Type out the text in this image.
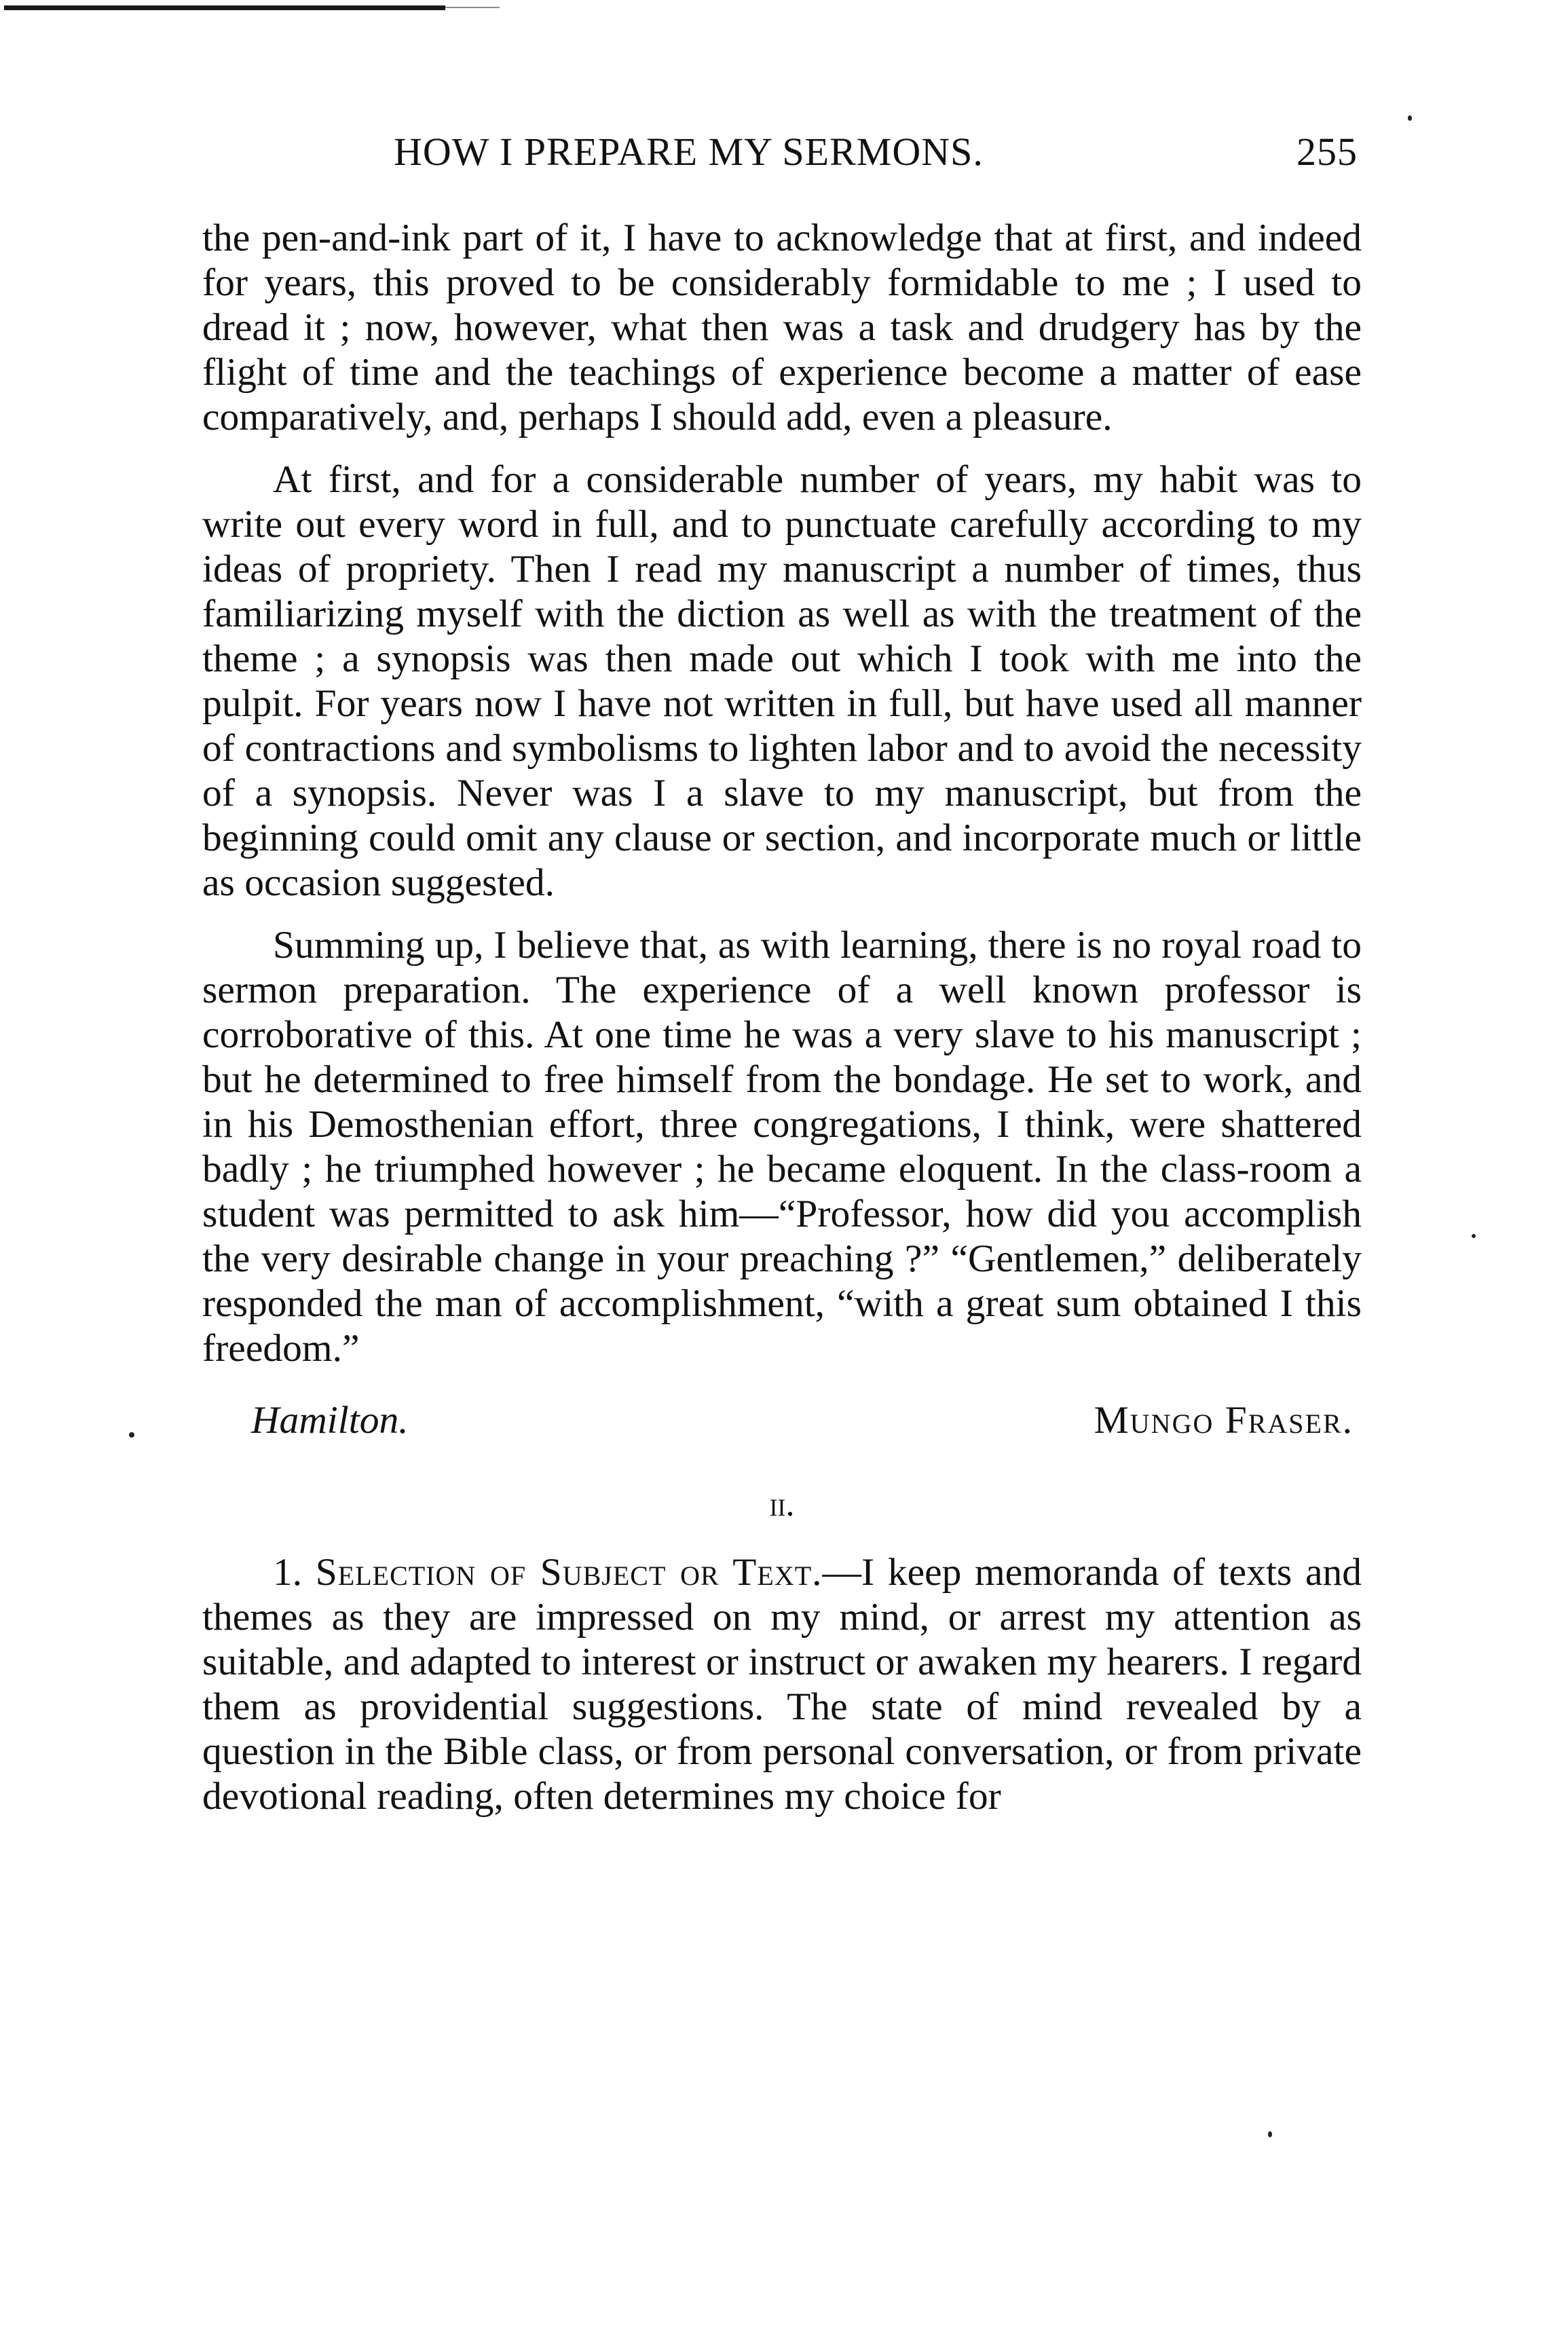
HOW I PREPARE MY SERMONS.	255

the pen-and-ink part of it, I have to acknowledge that at first, and indeed for years, this proved to be considerably formidable to me ; I used to dread it ; now, however, what then was a task and drudgery has by the flight of time and the teachings of experience become a matter of ease comparatively, and, perhaps I should add, even a pleasure.

At first, and for a considerable number of years, my habit was to write out every word in full, and to punctuate carefully according to my ideas of propriety. Then I read my manuscript a number of times, thus familiarizing myself with the diction as well as with the treatment of the theme ; a synopsis was then made out which I took with me into the pulpit. For years now I have not written in full, but have used all manner of contractions and symbolisms to lighten labor and to avoid the necessity of a synopsis. Never was I a slave to my manuscript, but from the beginning could omit any clause or section, and incorporate much or little as occasion suggested.

Summing up, I believe that, as with learning, there is no royal road to sermon preparation. The experience of a well known professor is corroborative of this. At one time he was a very slave to his manuscript ; but he determined to free himself from the bondage. He set to work, and in his Demosthenian effort, three congregations, I think, were shattered badly ; he triumphed however ; he became eloquent. In the class-room a student was permitted to ask him—“Professor, how did you accomplish the very desirable change in your preaching ?” “Gentlemen,” deliberately responded the man of accomplishment, “with a great sum obtained I this freedom.”

Hamilton.	Mungo Fraser.
ii.

1. Selection of Subject or Text.—I keep memoranda of texts and themes as they are impressed on my mind, or arrest my attention as suitable, and adapted to interest or instruct or awaken my hearers. I regard them as providential suggestions. The state of mind revealed by a question in the Bible class, or from personal conversation, or from private devotional reading, often determines my choice for
